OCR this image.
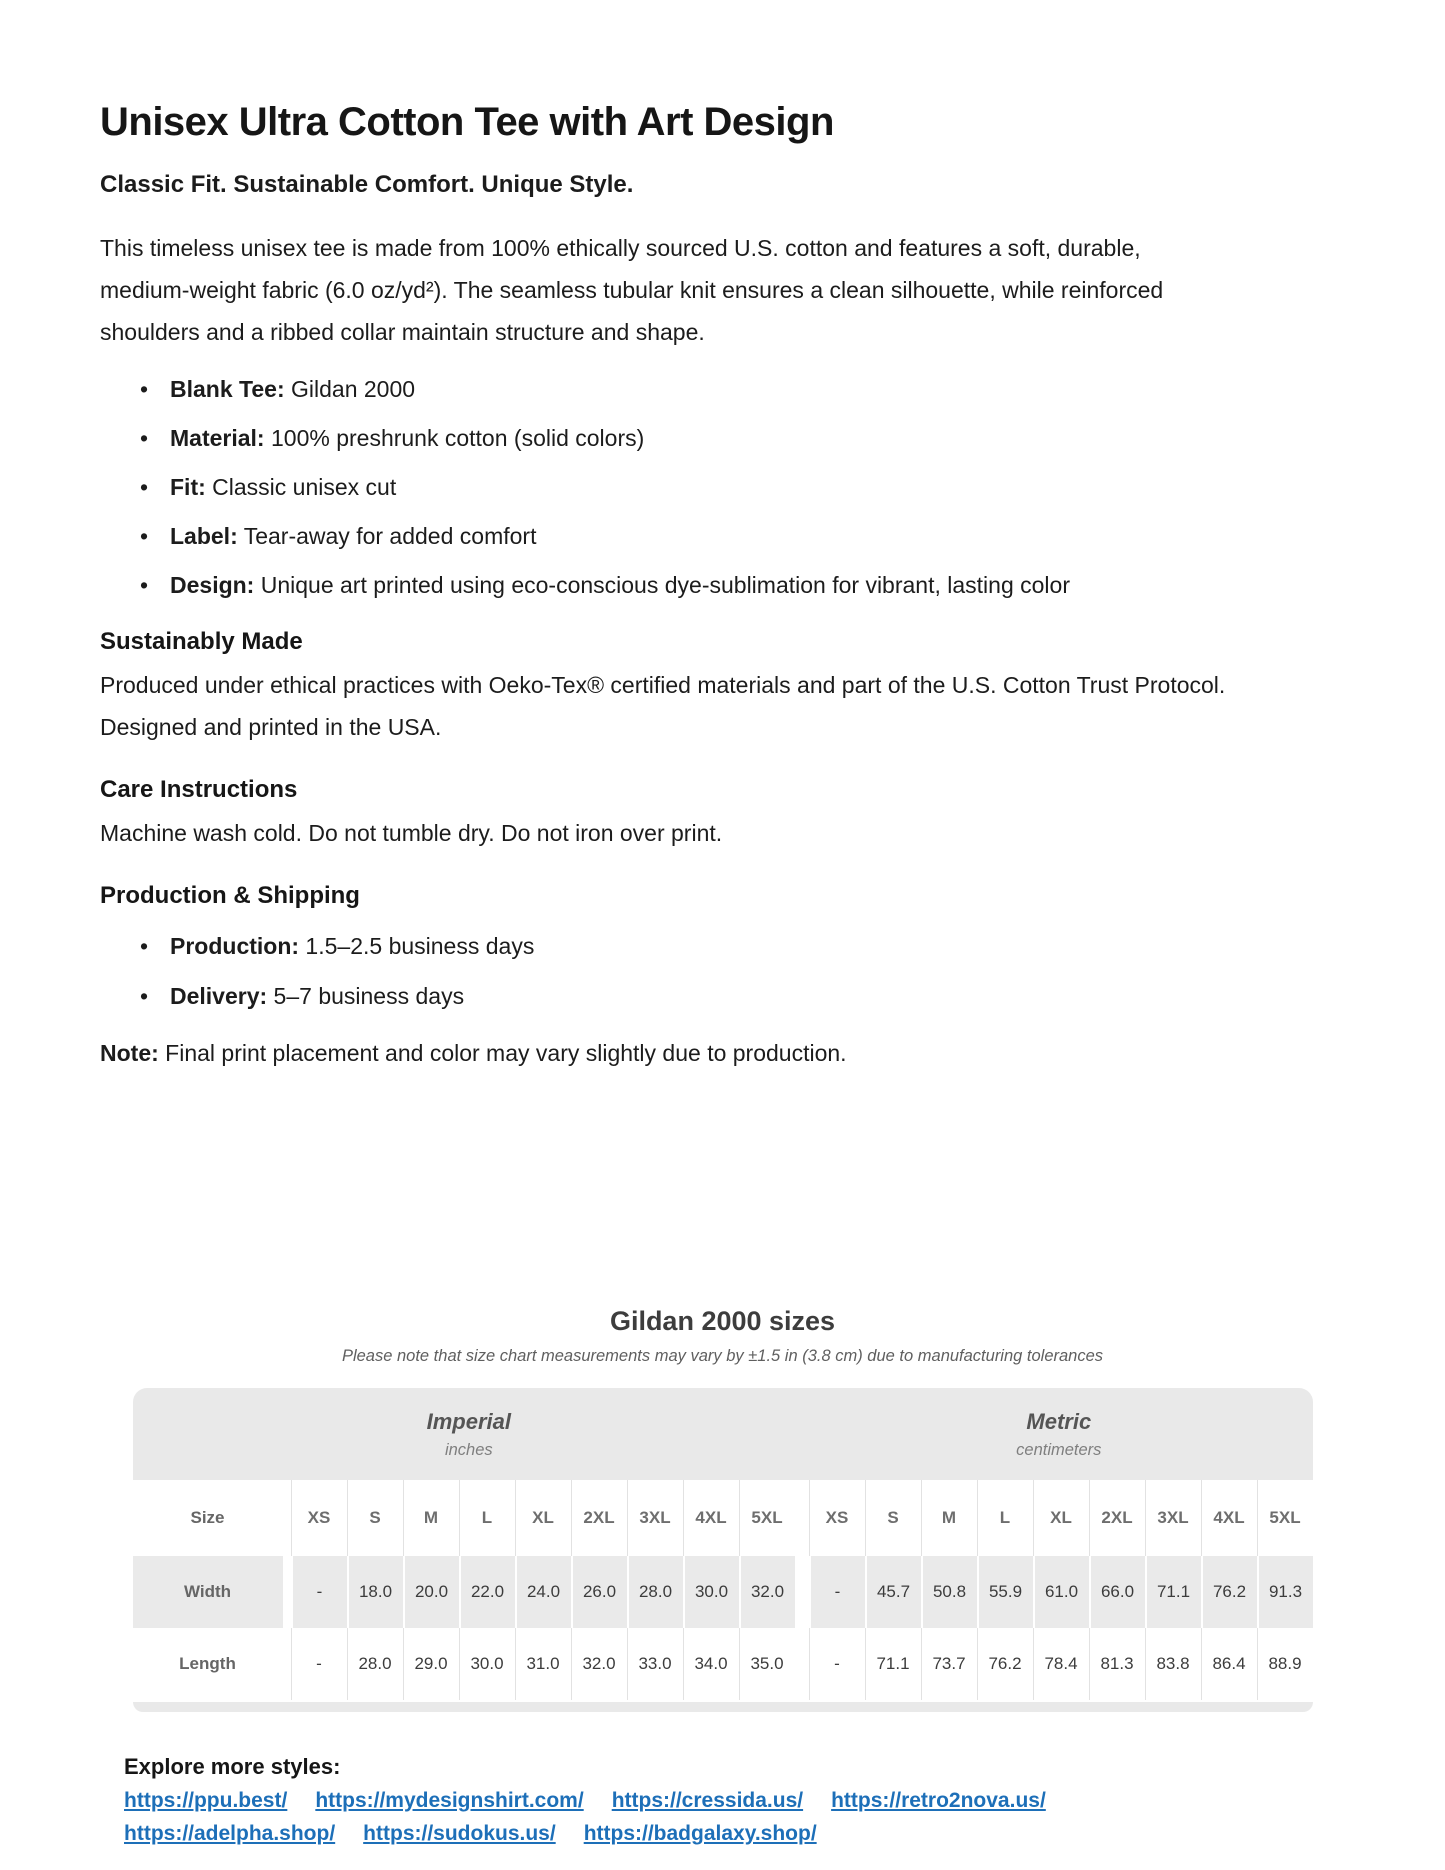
Unisex Ultra Cotton Tee with Art Design
Classic Fit. Sustainable Comfort. Unique Style.

This timeless unisex tee is made from 100% ethically sourced U.S. cotton and features a soft, durable, medium-weight fabric (6.0 oz/yd²). The seamless tubular knit ensures a clean silhouette, while reinforced shoulders and a ribbed collar maintain structure and shape.

• Blank Tee: Gildan 2000
• Material: 100% preshrunk cotton (solid colors)
• Fit: Classic unisex cut
• Label: Tear-away for added comfort
• Design: Unique art printed using eco-conscious dye-sublimation for vibrant, lasting color
Sustainably Made

Produced under ethical practices with Oeko-Tex® certified materials and part of the U.S. Cotton Trust Protocol. Designed and printed in the USA.

Care Instructions

Machine wash cold. Do not tumble dry. Do not iron over print.

Production & Shipping
• Production: 1.5–2.5 business days
• Delivery: 5–7 business days

Note: Final print placement and color may vary slightly due to production.

Gildan 2000 sizes
Please note that size chart measurements may vary by ±1.5 in (3.8 cm) due to manufacturing tolerances
Imperial
inches
Metric
centimeters
Size	XS	S	M	L	XL	2XL	3XL	4XL	5XL	XS	S	M	L	XL	2XL	3XL	4XL	5XL
Width	-	18.0	20.0	22.0	24.0	26.0	28.0	30.0	32.0	-	45.7	50.8	55.9	61.0	66.0	71.1	76.2	91.3
Length	-	28.0	29.0	30.0	31.0	32.0	33.0	34.0	35.0	-	71.1	73.7	76.2	78.4	81.3	83.8	86.4	88.9
Explore more styles:
https://ppu.best/ https://mydesignshirt.com/ https://cressida.us/ https://retro2nova.us/
https://adelpha.shop/ https://sudokus.us/ https://badgalaxy.shop/
